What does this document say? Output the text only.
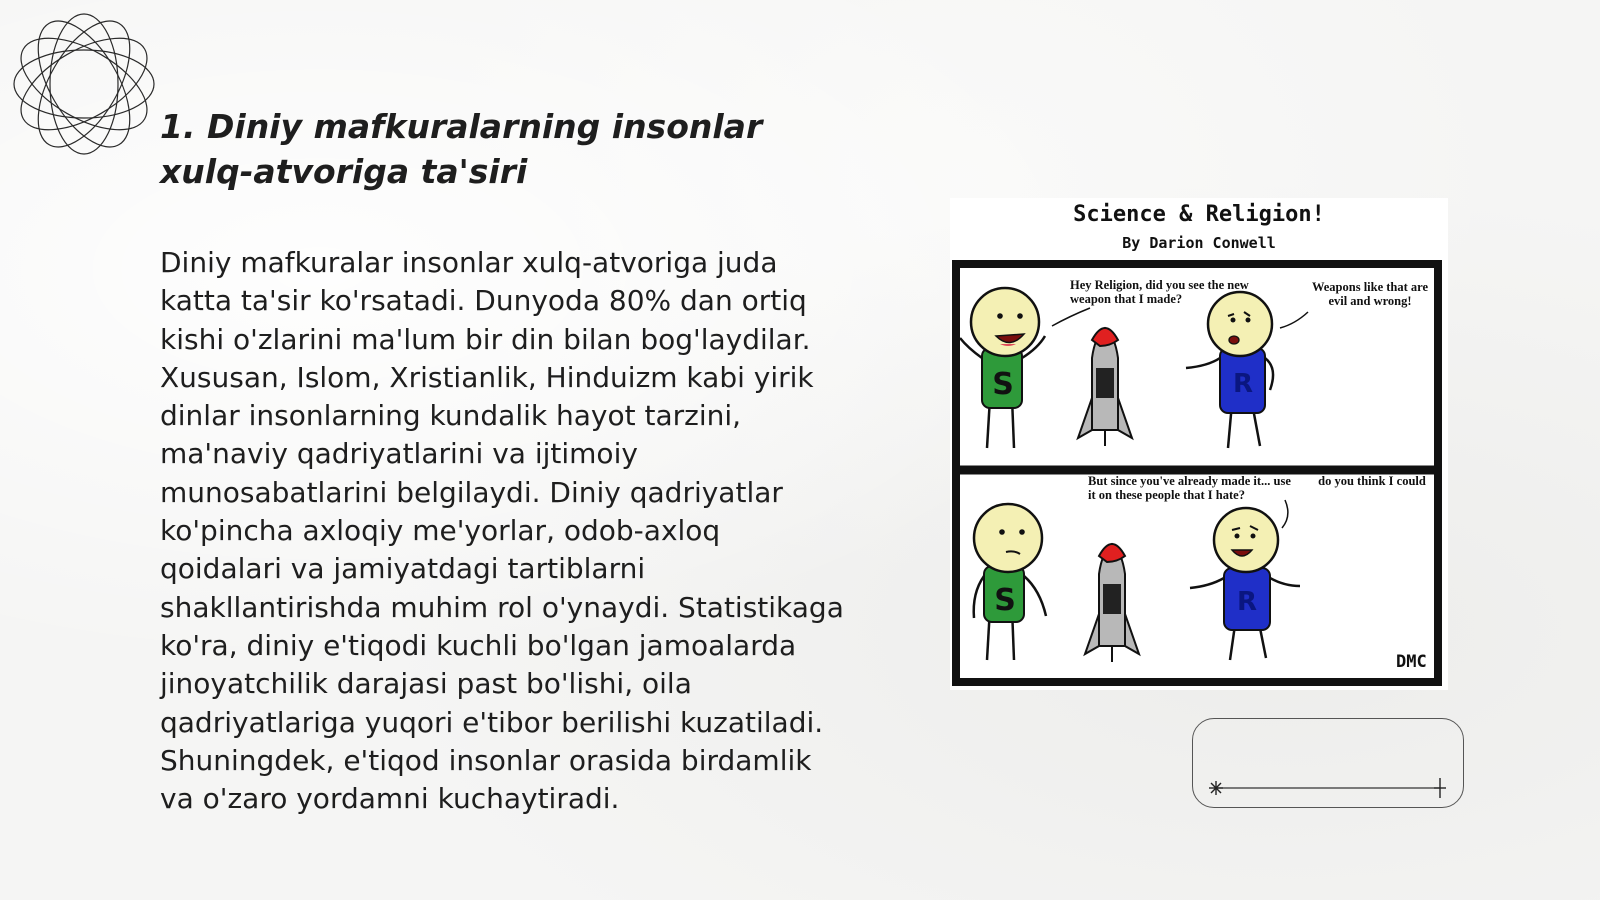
1. Diniy mafkuralarning insonlar xulq-atvoriga ta'siri

Diniy mafkuralar insonlar xulq-atvoriga juda katta ta'sir ko'rsatadi. Dunyoda 80% dan ortiq kishi o'zlarini ma'lum bir din bilan bog'laydilar. Xususan, Islom, Xristianlik, Hinduizm kabi yirik dinlar insonlarning kundalik hayot tarzini, ma'naviy qadriyatlarini va ijtimoiy munosabatlarini belgilaydi. Diniy qadriyatlar ko'pincha axloqiy me'yorlar, odob-axloq qoidalari va jamiyatdagi tartiblarni shakllantirishda muhim rol o'ynaydi. Statistikaga ko'ra, diniy e'tiqodi kuchli bo'lgan jamoalarda jinoyatchilik darajasi past bo'lishi, oila qadriyatlariga yuqori e'tibor berilishi kuzatiladi. Shuningdek, e'tiqod insonlar orasida birdamlik va o'zaro yordamni kuchaytiradi.

S	R
S	R
Science & Religion!
By Darion Conwell
Hey Religion, did you see the new weapon that I made?
Weapons like that are evil and wrong!
But since you've already made it... use it on these people that I hate?
do you think I could
DMC
